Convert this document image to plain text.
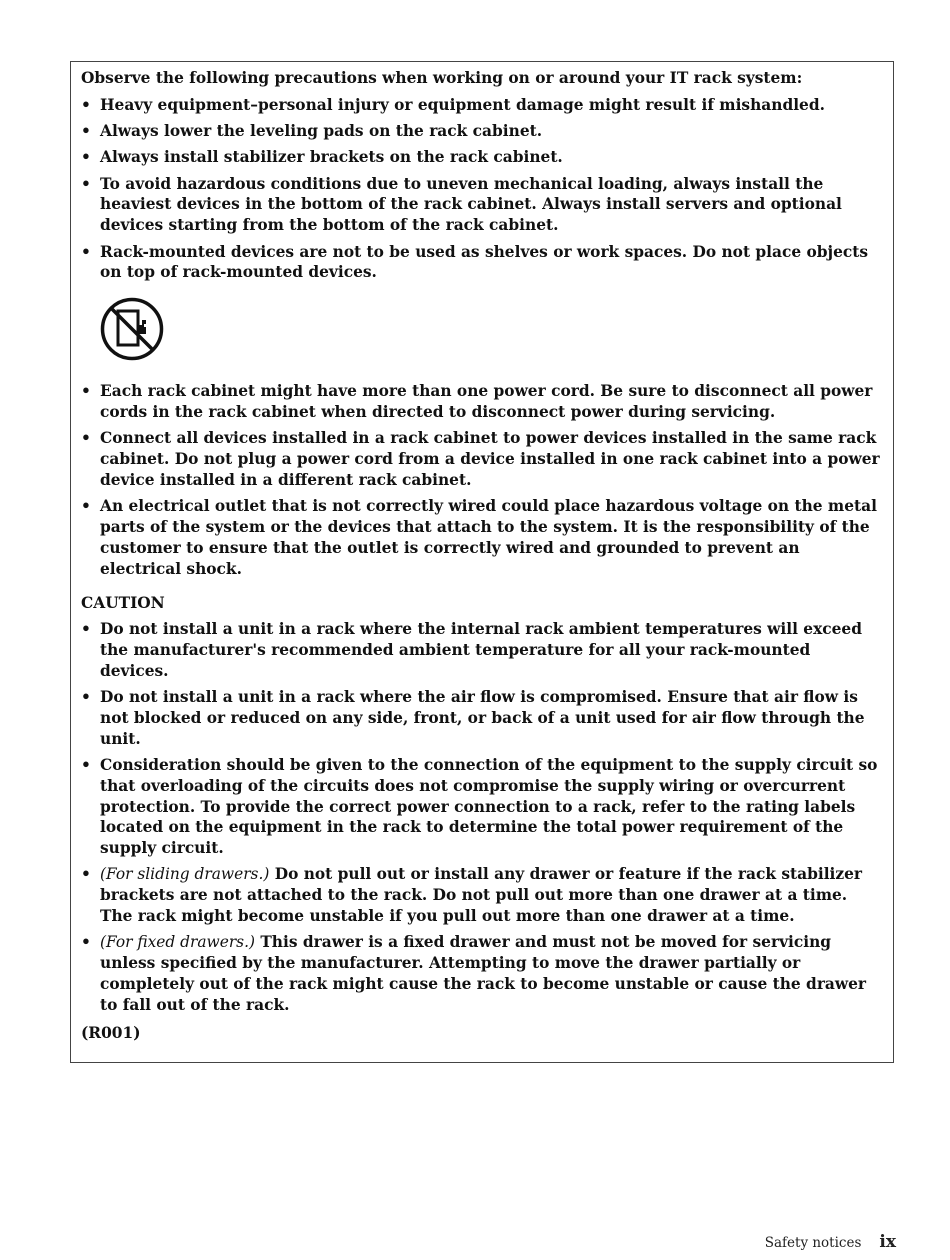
Observe the following precautions when working on or around your IT rack system:

• Heavy equipment–personal injury or equipment damage might result if mishandled.
• Always lower the leveling pads on the rack cabinet.
• Always install stabilizer brackets on the rack cabinet.
• To avoid hazardous conditions due to uneven mechanical loading, always install the heaviest devices in the bottom of the rack cabinet. Always install servers and optional devices starting from the bottom of the rack cabinet.
• Rack-mounted devices are not to be used as shelves or work spaces. Do not place objects on top of rack-mounted devices.
• Each rack cabinet might have more than one power cord. Be sure to disconnect all power cords in the rack cabinet when directed to disconnect power during servicing.
• Connect all devices installed in a rack cabinet to power devices installed in the same rack cabinet. Do not plug a power cord from a device installed in one rack cabinet into a power device installed in a different rack cabinet.
• An electrical outlet that is not correctly wired could place hazardous voltage on the metal parts of the system or the devices that attach to the system. It is the responsibility of the customer to ensure that the outlet is correctly wired and grounded to prevent an electrical shock.

CAUTION

• Do not install a unit in a rack where the internal rack ambient temperatures will exceed the manufacturer's recommended ambient temperature for all your rack-mounted devices.
• Do not install a unit in a rack where the air flow is compromised. Ensure that air flow is not blocked or reduced on any side, front, or back of a unit used for air flow through the unit.
• Consideration should be given to the connection of the equipment to the supply circuit so that overloading of the circuits does not compromise the supply wiring or overcurrent protection. To provide the correct power connection to a rack, refer to the rating labels located on the equipment in the rack to determine the total power requirement of the supply circuit.
• (For sliding drawers.) Do not pull out or install any drawer or feature if the rack stabilizer brackets are not attached to the rack. Do not pull out more than one drawer at a time. The rack might become unstable if you pull out more than one drawer at a time.
• (For fixed drawers.) This drawer is a fixed drawer and must not be moved for servicing unless specified by the manufacturer. Attempting to move the drawer partially or completely out of the rack might cause the rack to become unstable or cause the drawer to fall out of the rack.

(R001)

Safety notices ix
